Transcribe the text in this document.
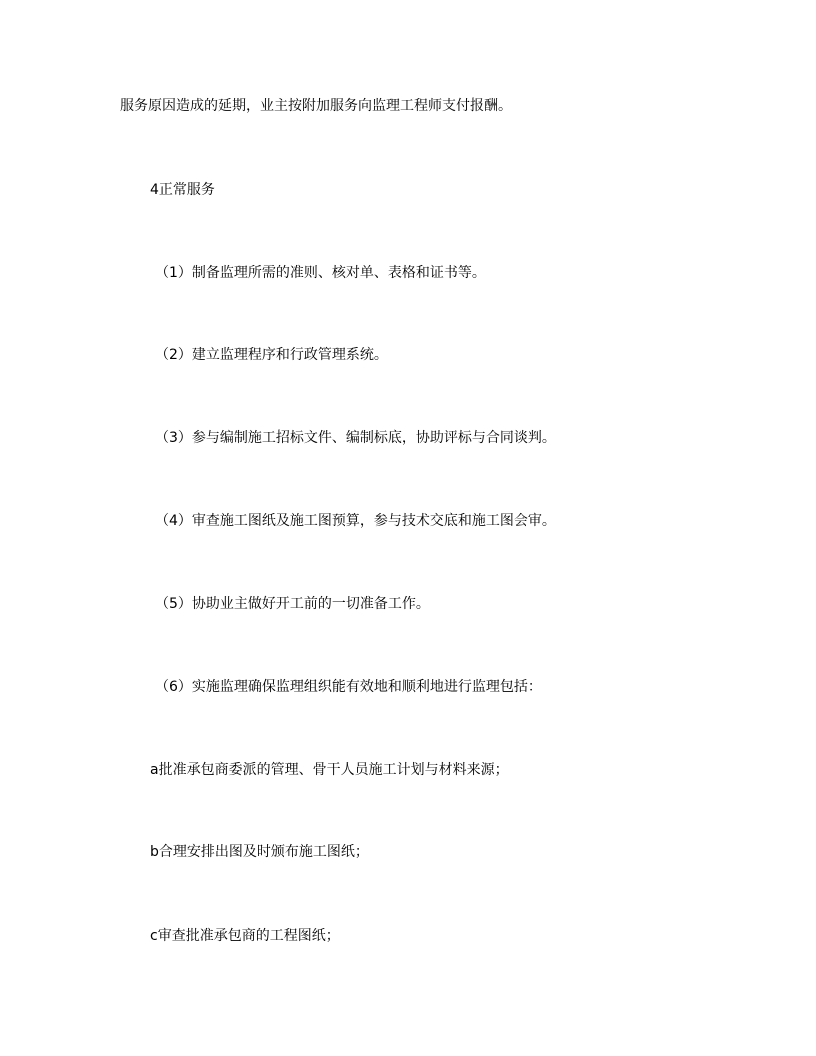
服务原因造成的延期，业主按附加服务向监理工程师支付报酬。
4正常服务
（1）制备监理所需的准则、核对单、表格和证书等。
（2）建立监理程序和行政管理系统。
（3）参与编制施工招标文件、编制标底，协助评标与合同谈判。
（4）审查施工图纸及施工图预算，参与技术交底和施工图会审。
（5）协助业主做好开工前的一切准备工作。
（6）实施监理确保监理组织能有效地和顺利地进行监理包括：
a批准承包商委派的管理、骨干人员施工计划与材料来源；
b合理安排出图及时颁布施工图纸；
c审查批准承包商的工程图纸；
